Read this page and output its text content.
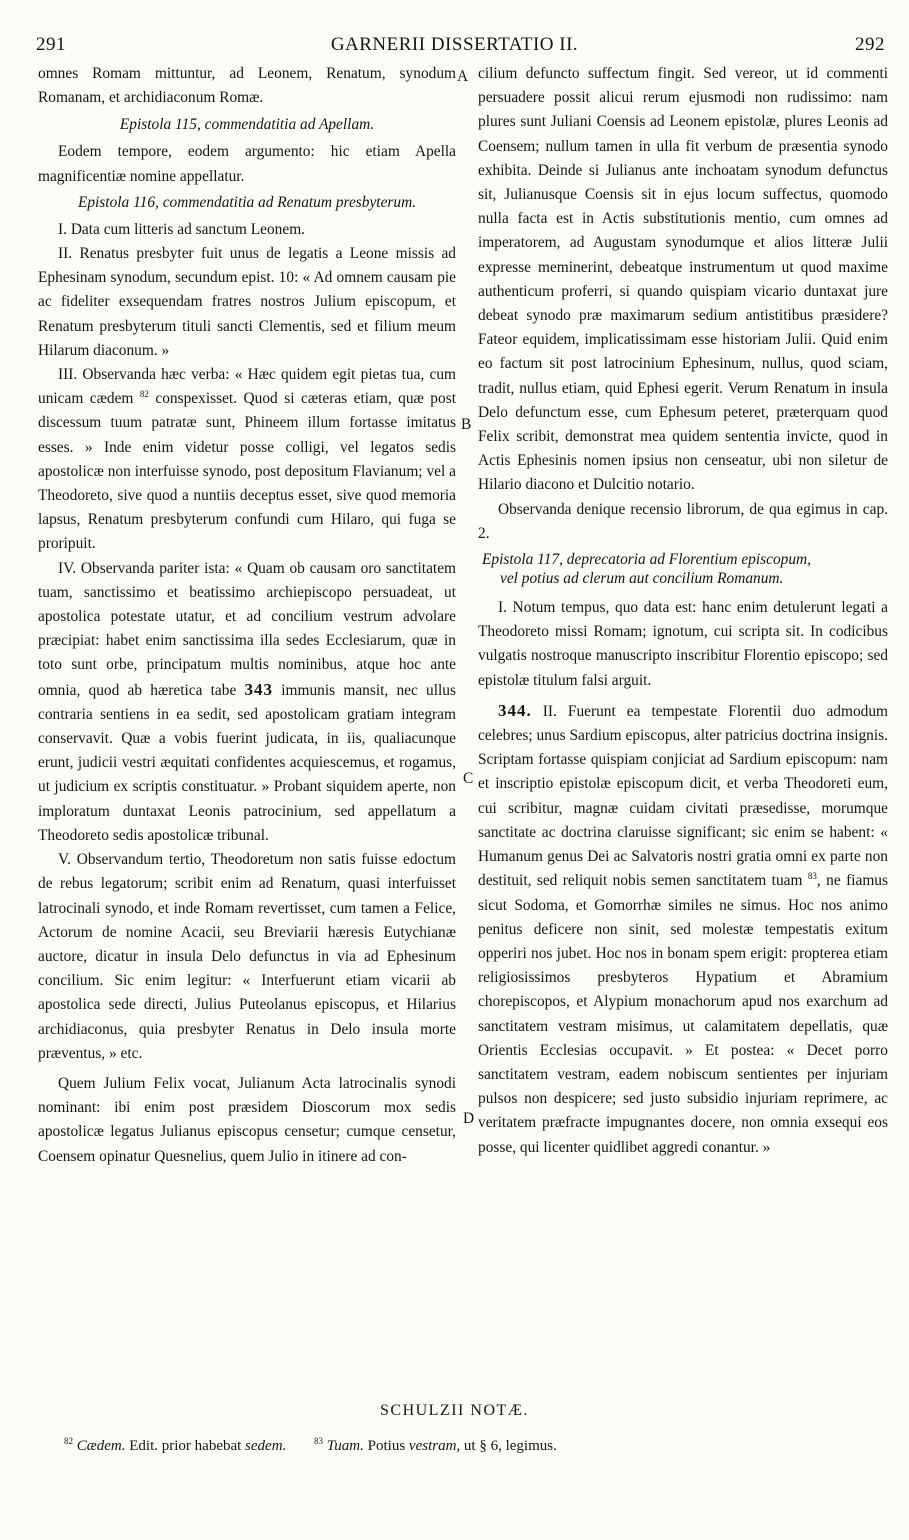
291	GARNERII DISSERTATIO II.	292
A
B
C
D

omnes Romam mittuntur, ad Leonem, Renatum, synodum Romanam, et archidiaconum Romæ.

Epistola 115, commendatitia ad Apellam.

Eodem tempore, eodem argumento: hic etiam Apella magnificentiæ nomine appellatur.

Epistola 116, commendatitia ad Renatum presbyterum.

I. Data cum litteris ad sanctum Leonem.

II. Renatus presbyter fuit unus de legatis a Leone missis ad Ephesinam synodum, secundum epist. 10: « Ad omnem causam pie ac fideliter exsequendam fratres nostros Julium episcopum, et Renatum presbyterum tituli sancti Clementis, sed et filium meum Hilarum diaconum. »

III. Observanda hæc verba: « Hæc quidem egit pietas tua, cum unicam cædem $^{82}$ conspexisset. Quod si cæteras etiam, quæ post discessum tuum patratæ sunt, Phineem illum fortasse imitatus esses. » Inde enim videtur posse colligi, vel legatos sedis apostolicæ non interfuisse synodo, post depositum Flavianum; vel a Theodoreto, sive quod a nuntiis deceptus esset, sive quod memoria lapsus, Renatum presbyterum confundi cum Hilaro, qui fuga se proripuit.

IV. Observanda pariter ista: « Quam ob causam oro sanctitatem tuam, sanctissimo et beatissimo archiepiscopo persuadeat, ut apostolica potestate utatur, et ad concilium vestrum advolare præcipiat: habet enim sanctissima illa sedes Ecclesiarum, quæ in toto sunt orbe, principatum multis nominibus, atque hoc ante omnia, quod ab hæretica tabe 343 immunis mansit, nec ullus contraria sentiens in ea sedit, sed apostolicam gratiam integram conservavit. Quæ a vobis fuerint judicata, in iis, qualiacunque erunt, judicii vestri æquitati confidentes acquiescemus, et rogamus, ut judicium ex scriptis constituatur. » Probant siquidem aperte, non imploratum duntaxat Leonis patrocinium, sed appellatum a Theodoreto sedis apostolicæ tribunal.

V. Observandum tertio, Theodoretum non satis fuisse edoctum de rebus legatorum; scribit enim ad Renatum, quasi interfuisset latrocinali synodo, et inde Romam revertisset, cum tamen a Felice, Actorum de nomine Acacii, seu Breviarii hæresis Eutychianæ auctore, dicatur in insula Delo defunctus in via ad Ephesinum concilium. Sic enim legitur: « Interfuerunt etiam vicarii ab apostolica sede directi, Julius Puteolanus episcopus, et Hilarius archidiaconus, quia presbyter Renatus in Delo insula morte præventus, » etc.

Quem Julium Felix vocat, Julianum Acta latrocinalis synodi nominant: ibi enim post præsidem Dioscorum mox sedis apostolicæ legatus Julianus episcopus censetur; cumque censetur, Coensem opinatur Quesnelius, quem Julio in itinere ad con-

cilium defuncto suffectum fingit. Sed vereor, ut id commenti persuadere possit alicui rerum ejusmodi non rudissimo: nam plures sunt Juliani Coensis ad Leonem epistolæ, plures Leonis ad Coensem; nullum tamen in ulla fit verbum de præsentia synodo exhibita. Deinde si Julianus ante inchoatam synodum defunctus sit, Julianusque Coensis sit in ejus locum suffectus, quomodo nulla facta est in Actis substitutionis mentio, cum omnes ad imperatorem, ad Augustam synodumque et alios litteræ Julii expresse meminerint, debeatque instrumentum ut quod maxime authenticum proferri, si quando quispiam vicario duntaxat jure debeat synodo præ maximarum sedium antistitibus præsidere? Fateor equidem, implicatissimam esse historiam Julii. Quid enim eo factum sit post latrocinium Ephesinum, nullus, quod sciam, tradit, nullus etiam, quid Ephesi egerit. Verum Renatum in insula Delo defunctum esse, cum Ephesum peteret, præterquam quod Felix scribit, demonstrat mea quidem sententia invicte, quod in Actis Ephesinis nomen ipsius non censeatur, ubi non siletur de Hilario diacono et Dulcitio notario.

Observanda denique recensio librorum, de qua egimus in cap. 2.

Epistola 117, deprecatoria ad Florentium episcopum,
vel potius ad clerum aut concilium Romanum.

I. Notum tempus, quo data est: hanc enim detulerunt legati a Theodoreto missi Romam; ignotum, cui scripta sit. In codicibus vulgatis nostroque manuscripto inscribitur Florentio episcopo; sed epistolæ titulum falsi arguit.

344. II. Fuerunt ea tempestate Florentii duo admodum celebres; unus Sardium episcopus, alter patricius doctrina insignis. Scriptam fortasse quispiam conjiciat ad Sardium episcopum: nam et inscriptio epistolæ episcopum dicit, et verba Theodoreti eum, cui scribitur, magnæ cuidam civitati præsedisse, morumque sanctitate ac doctrina claruisse significant; sic enim se habent: « Humanum genus Dei ac Salvatoris nostri gratia omni ex parte non destituit, sed reliquit nobis semen sanctitatem tuam $^{83}$, ne fiamus sicut Sodoma, et Gomorrhæ similes ne simus. Hoc nos animo penitus deficere non sinit, sed molestæ tempestatis exitum opperiri nos jubet. Hoc nos in bonam spem erigit: propterea etiam religiosissimos presbyteros Hypatium et Abramium chorepiscopos, et Alypium monachorum apud nos exarchum ad sanctitatem vestram misimus, ut calamitatem depellatis, quæ Orientis Ecclesias occupavit. » Et postea: « Decet porro sanctitatem vestram, eadem nobiscum sentientes per injuriam pulsos non despicere; sed justo subsidio injuriam reprimere, ac veritatem præfracte impugnantes docere, non omnia exsequi eos posse, qui licenter quidlibet aggredi conantur. »

SCHULZII NOTÆ.
$^{82}$ Cædem. Edit. prior habebat sedem.	$^{83}$ Tuam. Potius vestram, ut § 6, legimus.
